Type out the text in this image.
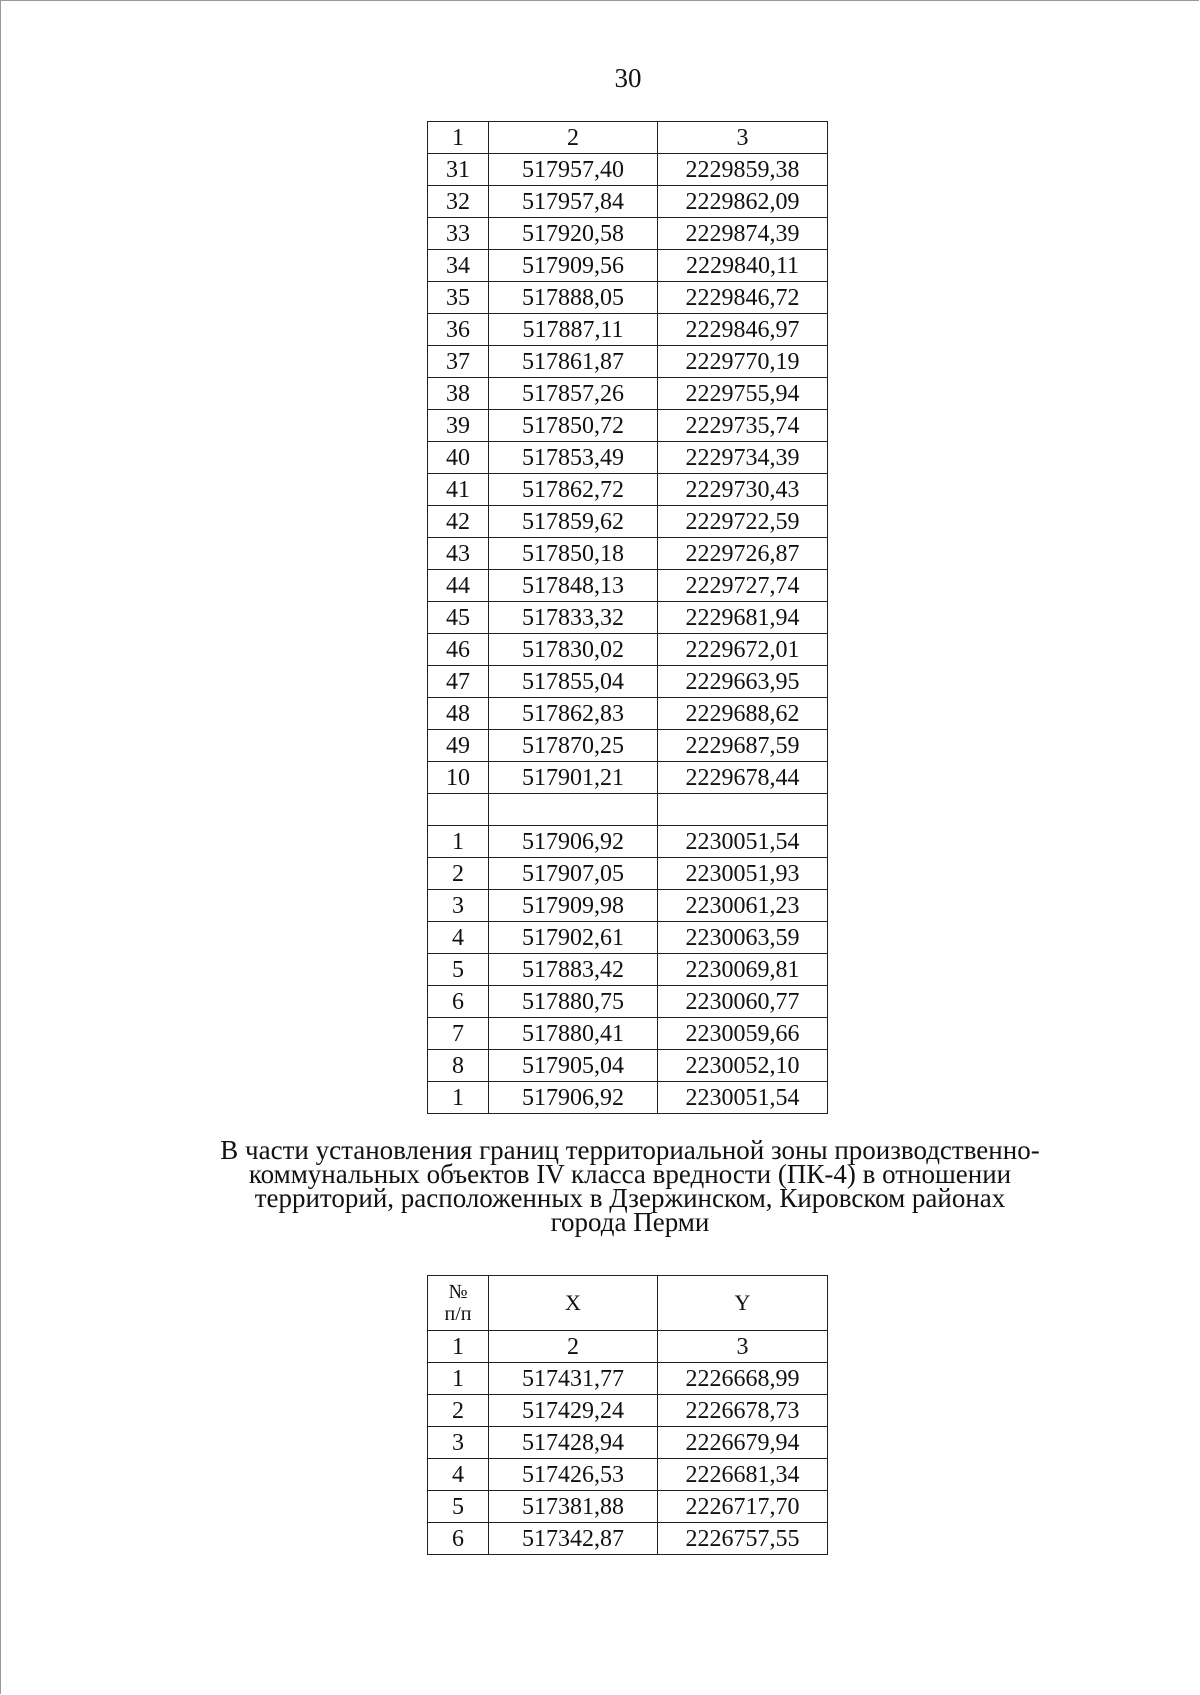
30
1	2	3
31	517957,40	2229859,38
32	517957,84	2229862,09
33	517920,58	2229874,39
34	517909,56	2229840,11
35	517888,05	2229846,72
36	517887,11	2229846,97
37	517861,87	2229770,19
38	517857,26	2229755,94
39	517850,72	2229735,74
40	517853,49	2229734,39
41	517862,72	2229730,43
42	517859,62	2229722,59
43	517850,18	2229726,87
44	517848,13	2229727,74
45	517833,32	2229681,94
46	517830,02	2229672,01
47	517855,04	2229663,95
48	517862,83	2229688,62
49	517870,25	2229687,59
10	517901,21	2229678,44

1	517906,92	2230051,54
2	517907,05	2230051,93
3	517909,98	2230061,23
4	517902,61	2230063,59
5	517883,42	2230069,81
6	517880,75	2230060,77
7	517880,41	2230059,66
8	517905,04	2230052,10
1	517906,92	2230051,54
В части установления границ территориальной зоны производственно-
коммунальных объектов IV класса вредности (ПК-4) в отношении
территорий, расположенных в Дзержинском, Кировском районах
города Перми
№
п/п	X	Y
1	2	3
1	517431,77	2226668,99
2	517429,24	2226678,73
3	517428,94	2226679,94
4	517426,53	2226681,34
5	517381,88	2226717,70
6	517342,87	2226757,55
